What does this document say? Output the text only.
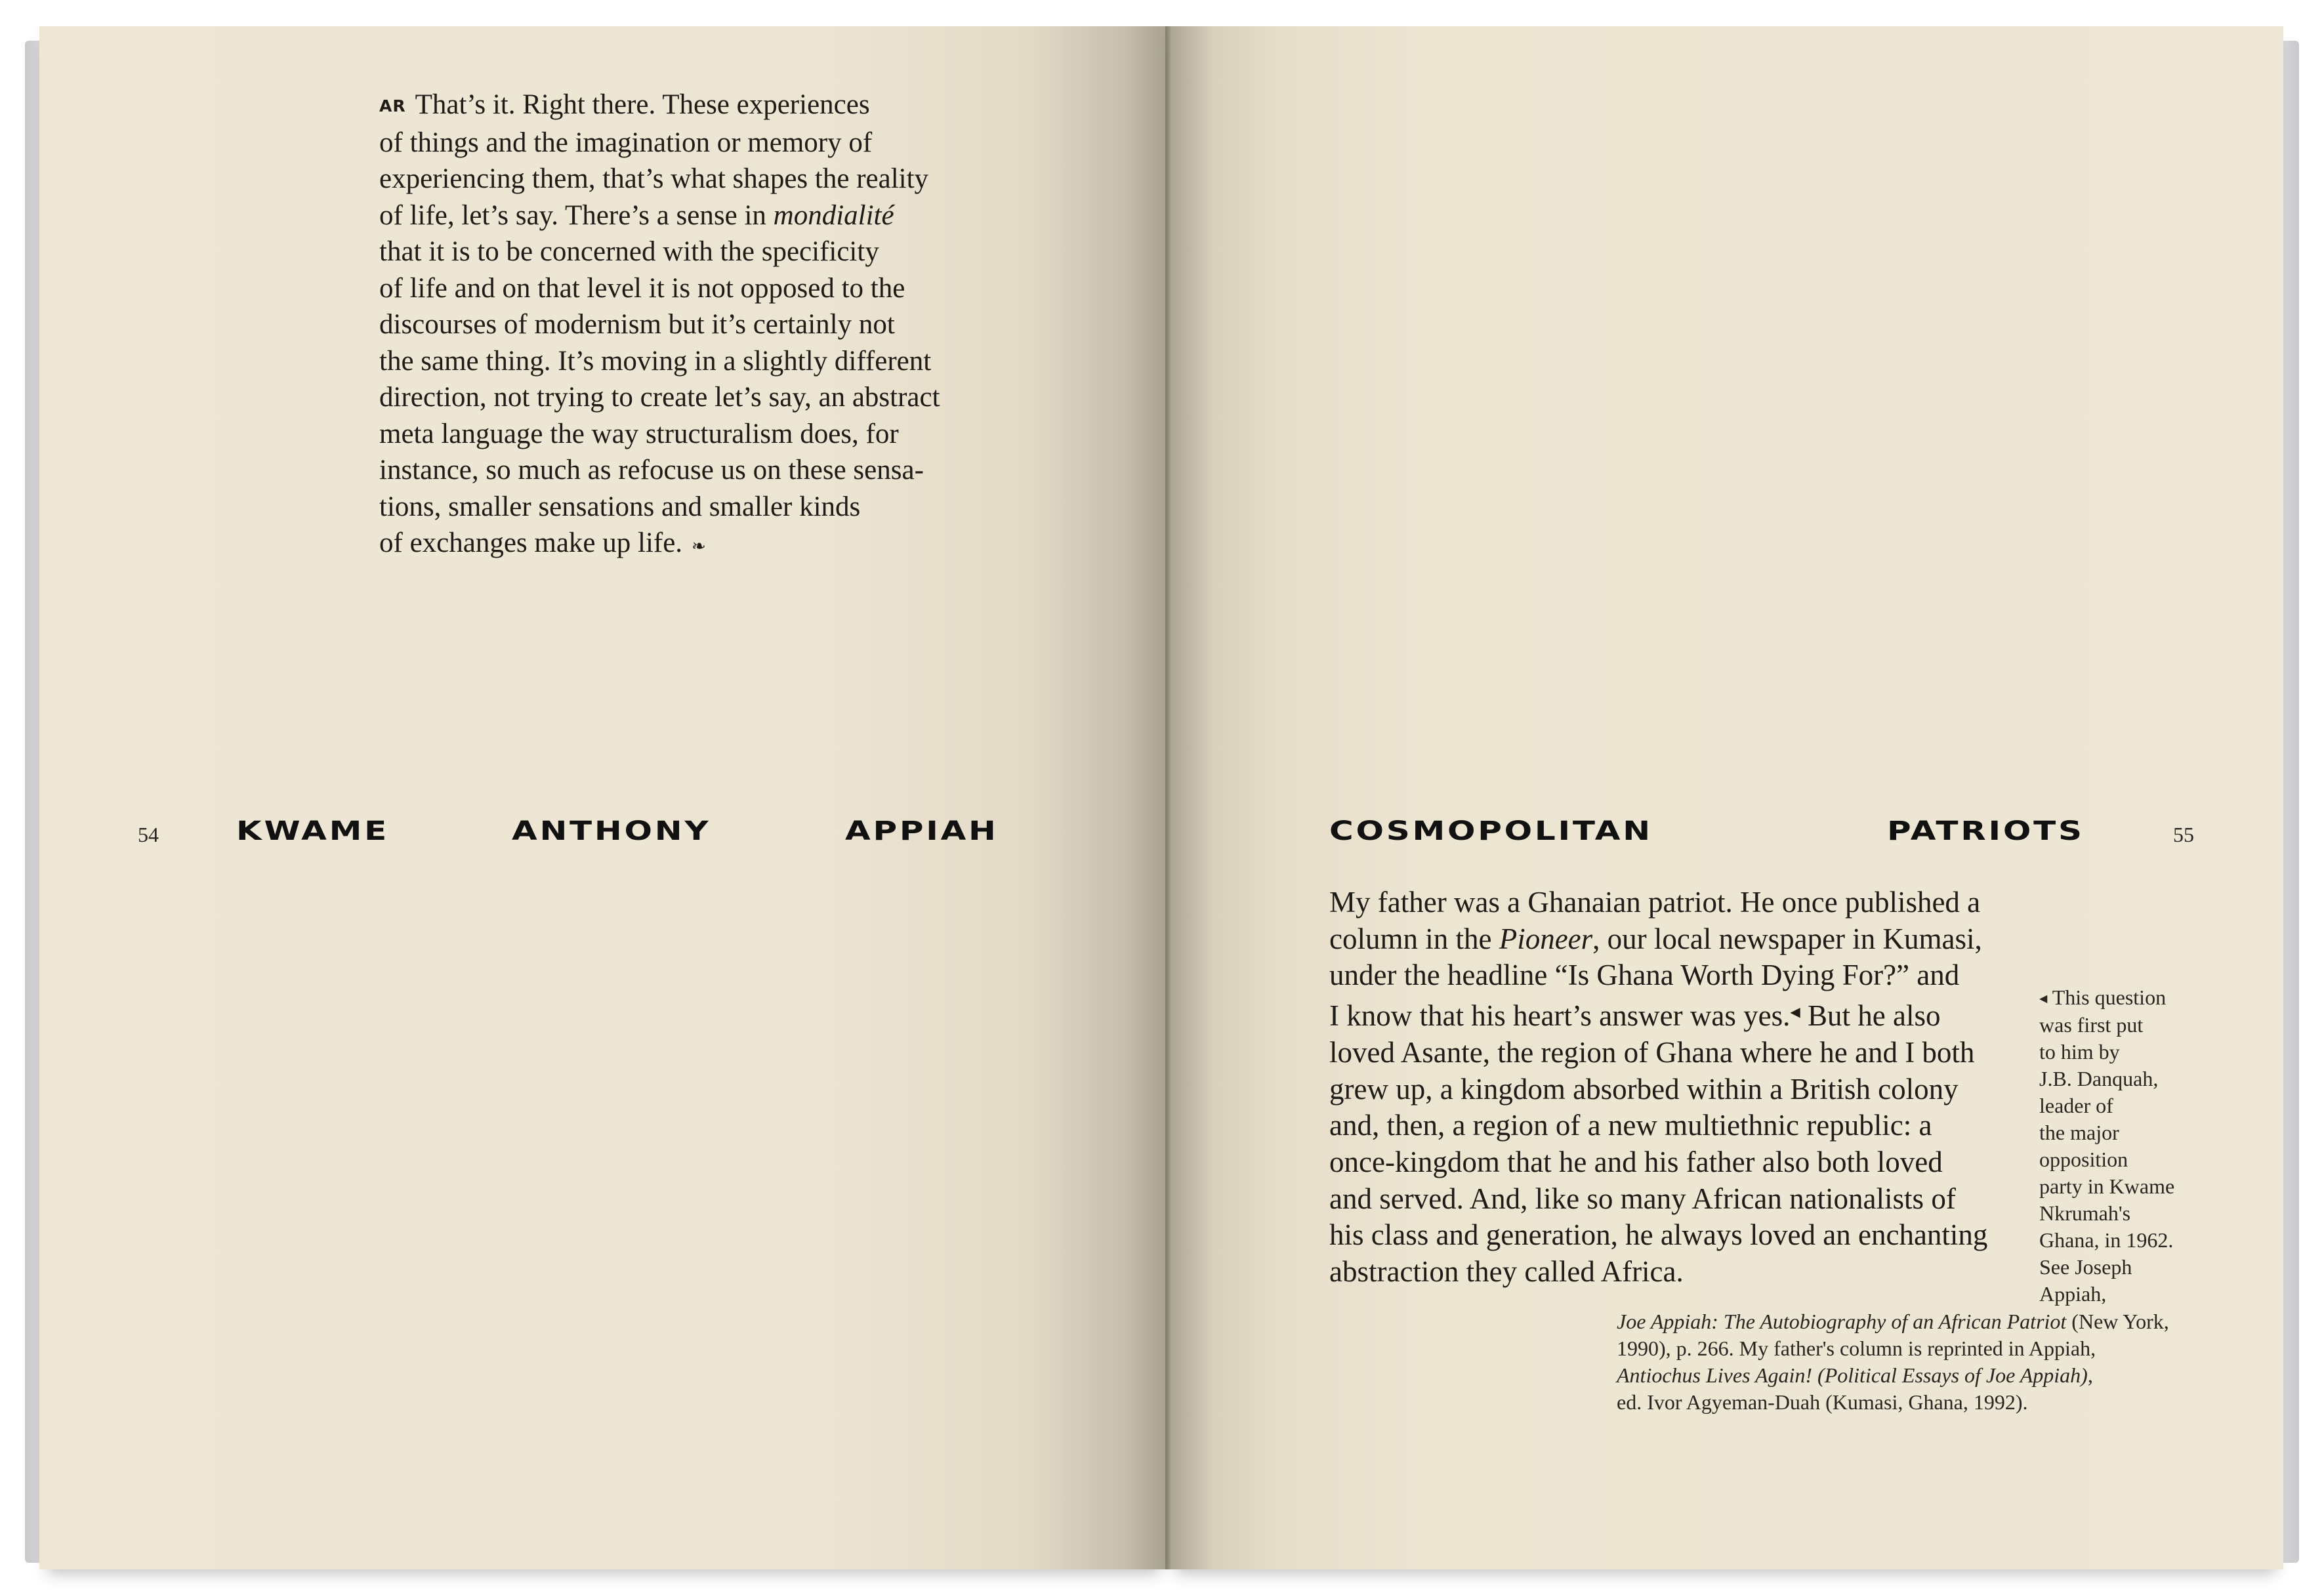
AR That’s it. Right there. These experiences
of things and the imagination or memory of
experiencing them, that’s what shapes the reality
of life, let’s say. There’s a sense in mondialité
that it is to be concerned with the specificity
of life and on that level it is not opposed to the
discourses of modernism but it’s certainly not
the same thing. It’s moving in a slightly different
direction, not trying to create let’s say, an abstract
meta language the way structuralism does, for
instance, so much as refocuse us on these sensa-
tions, smaller sensations and smaller kinds
of exchanges make up life. ❧
54	55
KWAME	ANTHONY	APPIAH	COSMOPOLITAN	PATRIOTS
My father was a Ghanaian patriot. He once published a
column in the Pioneer, our local newspaper in Kumasi,
under the headline “Is Ghana Worth Dying For?” and
I know that his heart’s answer was yes.◀ But he also
loved Asante, the region of Ghana where he and I both
grew up, a kingdom absorbed within a British colony
and, then, a region of a new multiethnic republic: a
once-kingdom that he and his father also both loved
and served. And, like so many African nationalists of
his class and generation, he always loved an enchanting
abstraction they called Africa.
◀ This question
was first put
to him by
J.B. Danquah,
leader of
the major
opposition
party in Kwame
Nkrumah's
Ghana, in 1962.
See Joseph
Appiah,
Joe Appiah: The Autobiography of an African Patriot (New York,
1990), p. 266. My father's column is reprinted in Appiah,
Antiochus Lives Again! (Political Essays of Joe Appiah),
ed. Ivor Agyeman-Duah (Kumasi, Ghana, 1992).
